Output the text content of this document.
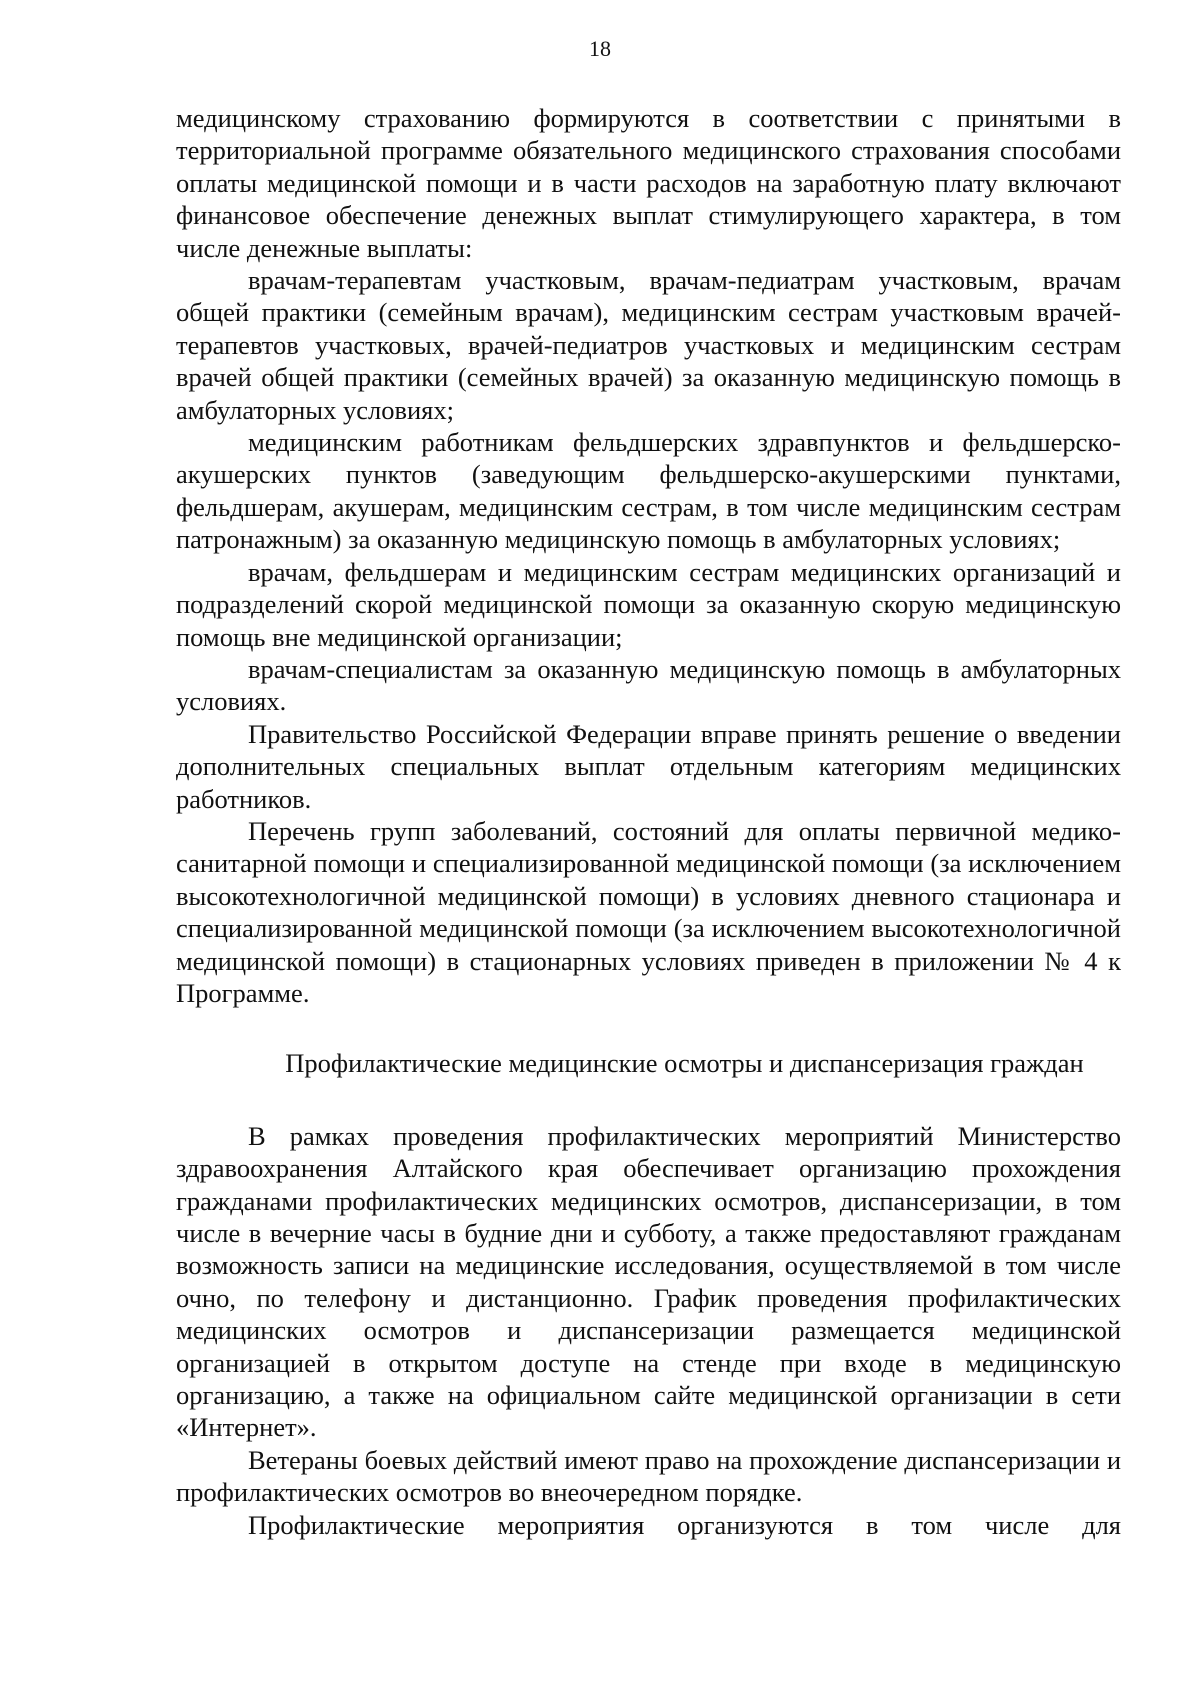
18

медицинскому страхованию формируются в соответствии с принятыми в территориальной программе обязательного медицинского страхования способами оплаты медицинской помощи и в части расходов на заработную плату включают финансовое обеспечение денежных выплат стимулирующего характера, в том числе денежные выплаты:

врачам-терапевтам участковым, врачам-педиатрам участковым, врачам общей практики (семейным врачам), медицинским сестрам участковым врачей-терапевтов участковых, врачей-педиатров участковых и медицинским сестрам врачей общей практики (семейных врачей) за оказанную медицинскую помощь в амбулаторных условиях;

медицинским работникам фельдшерских здравпунктов и фельдшерско-акушерских пунктов (заведующим фельдшерско-акушерскими пунктами, фельдшерам, акушерам, медицинским сестрам, в том числе медицинским сестрам патронажным) за оказанную медицинскую помощь в амбулаторных условиях;

врачам, фельдшерам и медицинским сестрам медицинских организаций и подразделений скорой медицинской помощи за оказанную скорую медицинскую помощь вне медицинской организации;

врачам-специалистам за оказанную медицинскую помощь в амбулаторных условиях.

Правительство Российской Федерации вправе принять решение о введении дополнительных специальных выплат отдельным категориям медицинских работников.

Перечень групп заболеваний, состояний для оплаты первичной медико-санитарной помощи и специализированной медицинской помощи (за исключением высокотехнологичной медицинской помощи) в условиях дневного стационара и специализированной медицинской помощи (за исключением высокотехнологичной медицинской помощи) в стационарных условиях приведен в приложении № 4 к Программе.

Профилактические медицинские осмотры и диспансеризация граждан

В рамках проведения профилактических мероприятий Министерство здравоохранения Алтайского края обеспечивает организацию прохождения гражданами профилактических медицинских осмотров, диспансеризации, в том числе в вечерние часы в будние дни и субботу, а также предоставляют гражданам возможность записи на медицинские исследования, осуществляемой в том числе очно, по телефону и дистанционно. График проведения профилактических медицинских осмотров и диспансеризации размещается медицинской организацией в открытом доступе на стенде при входе в медицинскую организацию, а также на официальном сайте медицинской организации в сети «Интернет».

Ветераны боевых действий имеют право на прохождение диспансеризации и профилактических осмотров во внеочередном порядке.

Профилактические мероприятия организуются в том числе для
